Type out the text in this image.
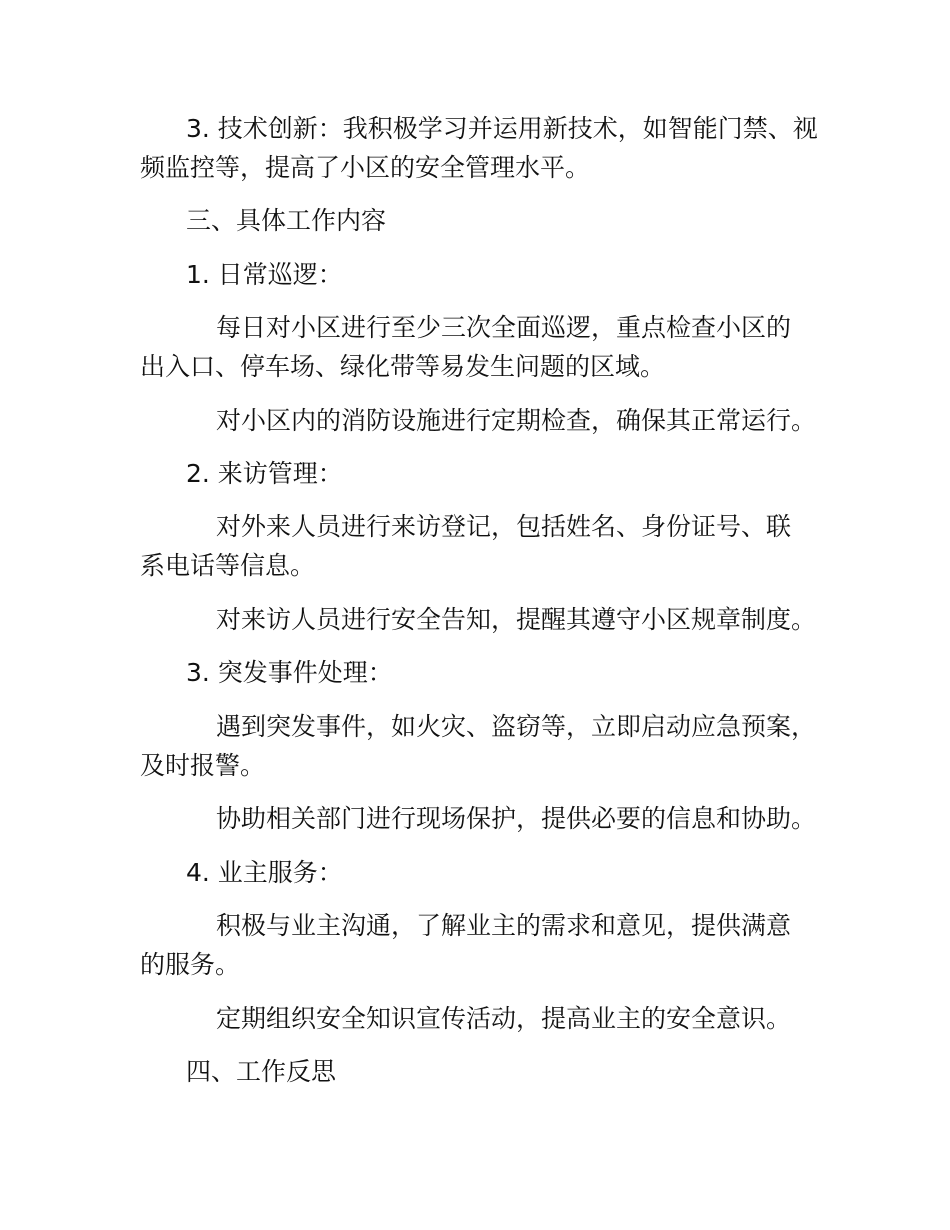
3. 技术创新：我积极学习并运用新技术，如智能门禁、视
频监控等，提高了小区的安全管理水平。
三、具体工作内容
1. 日常巡逻：
每日对小区进行至少三次全面巡逻，重点检查小区的
出入口、停车场、绿化带等易发生问题的区域。
对小区内的消防设施进行定期检查，确保其正常运行。
2. 来访管理：
对外来人员进行来访登记，包括姓名、身份证号、联
系电话等信息。
对来访人员进行安全告知，提醒其遵守小区规章制度。
3. 突发事件处理：
遇到突发事件，如火灾、盗窃等，立即启动应急预案，
及时报警。
协助相关部门进行现场保护，提供必要的信息和协助。
4. 业主服务：
积极与业主沟通，了解业主的需求和意见，提供满意
的服务。
定期组织安全知识宣传活动，提高业主的安全意识。
四、工作反思
